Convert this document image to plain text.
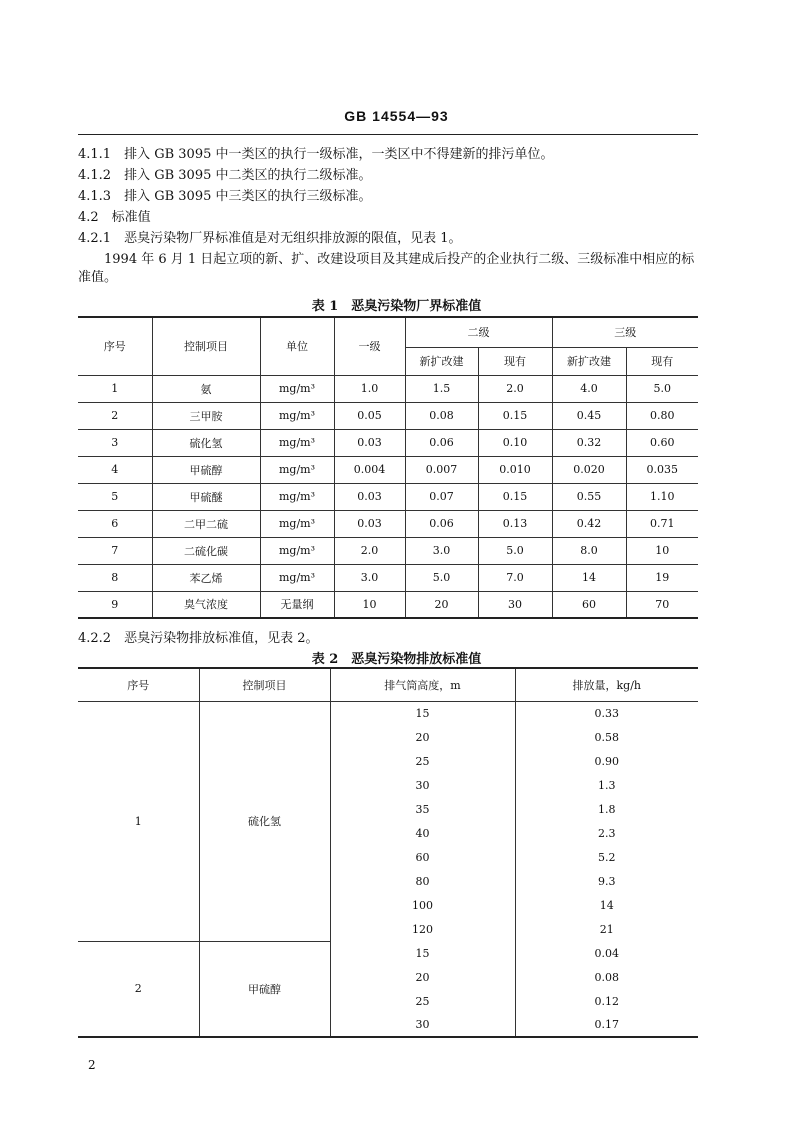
GB 14554—93
4.1.1　排入 GB 3095 中一类区的执行一级标准，一类区中不得建新的排污单位。
4.1.2　排入 GB 3095 中二类区的执行二级标准。
4.1.3　排入 GB 3095 中三类区的执行三级标准。
4.2　标准值
4.2.1　恶臭污染物厂界标准值是对无组织排放源的限值，见表 1。
1994 年 6 月 1 日起立项的新、扩、改建设项目及其建成后投产的企业执行二级、三级标准中相应的标准值。
表 1　恶臭污染物厂界标准值
序号	控制项目	单位	一级	二级		三级	
				新扩改建	现有	新扩改建	现有
1	氨	mg/m³	1.0	1.5	2.0	4.0	5.0
2	三甲胺	mg/m³	0.05	0.08	0.15	0.45	0.80
3	硫化氢	mg/m³	0.03	0.06	0.10	0.32	0.60
4	甲硫醇	mg/m³	0.004	0.007	0.010	0.020	0.035
5	甲硫醚	mg/m³	0.03	0.07	0.15	0.55	1.10
6	二甲二硫	mg/m³	0.03	0.06	0.13	0.42	0.71
7	二硫化碳	mg/m³	2.0	3.0	5.0	8.0	10
8	苯乙烯	mg/m³	3.0	5.0	7.0	14	19
9	臭气浓度	无量纲	10	20	30	60	70
4.2.2　恶臭污染物排放标准值，见表 2。
表 2　恶臭污染物排放标准值
序号	控制项目	排气筒高度，m	排放量，kg/h
1	硫化氢	15	0.33
		20	0.58
		25	0.90
		30	1.3
		35	1.8
		40	2.3
		60	5.2
		80	9.3
		100	14
		120	21
2	甲硫醇	15	0.04
		20	0.08
		25	0.12
		30	0.17
2
